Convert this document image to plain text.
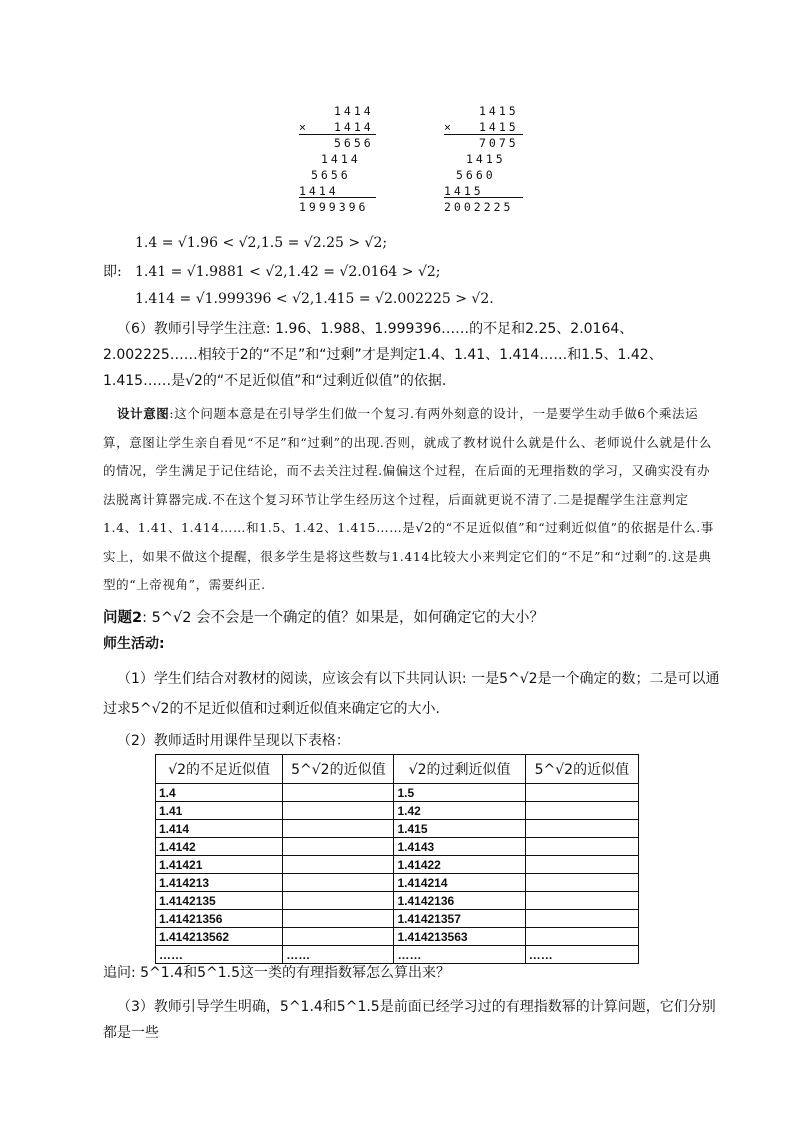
1414
× 1414
5656
1414
5656
1414
1999396
1415
× 1415
7075
1415
5660
1415
2002225
1.4 = √1.96 < √2,1.5 = √2.25 > √2;
即: 1.41 = √1.9881 < √2,1.42 = √2.0164 > √2;
1.414 = √1.999396 < √2,1.415 = √2.002225 > √2.
（6）教师引导学生注意: 1.96、1.988、1.999396……的不足和2.25、2.0164、2.002225……相较于2的“不足”和“过剩”才是判定1.4、1.41、1.414……和1.5、1.42、1.415……是√2的“不足近似值”和“过剩近似值”的依据.
设计意图:这个问题本意是在引导学生们做一个复习.有两外刻意的设计，一是要学生动手做6个乘法运算，意图让学生亲自看见“不足”和“过剩”的出现.否则，就成了教材说什么就是什么、老师说什么就是什么的情况，学生满足于记住结论，而不去关注过程.偏偏这个过程，在后面的无理指数的学习，又确实没有办法脱离计算器完成.不在这个复习环节让学生经历这个过程，后面就更说不清了.二是提醒学生注意判定1.4、1.41、1.414……和1.5、1.42、1.415……是√2的“不足近似值”和“过剩近似值”的依据是什么.事实上，如果不做这个提醒，很多学生是将这些数与1.414比较大小来判定它们的“不足”和“过剩”的.这是典型的“上帝视角”，需要纠正.
问题2: 5^√2 会不会是一个确定的值？如果是，如何确定它的大小？
师生活动:
（1）学生们结合对教材的阅读，应该会有以下共同认识: 一是5^√2是一个确定的数；二是可以通过求5^√2的不足近似值和过剩近似值来确定它的大小.
（2）教师适时用课件呈现以下表格：
√2的不足近似值	5^√2的近似值	√2的过剩近似值	5^√2的近似值
1.4		1.5	
1.41		1.42	
1.414		1.415	
1.4142		1.4143	
1.41421		1.41422	
1.414213		1.414214	
1.4142135		1.4142136	
1.41421356		1.41421357	
1.414213562		1.414213563	
……	……	……	……
追问: 5^1.4和5^1.5这一类的有理指数幂怎么算出来？
（3）教师引导学生明确，5^1.4和5^1.5是前面已经学习过的有理指数幂的计算问题，它们分别都是一些
